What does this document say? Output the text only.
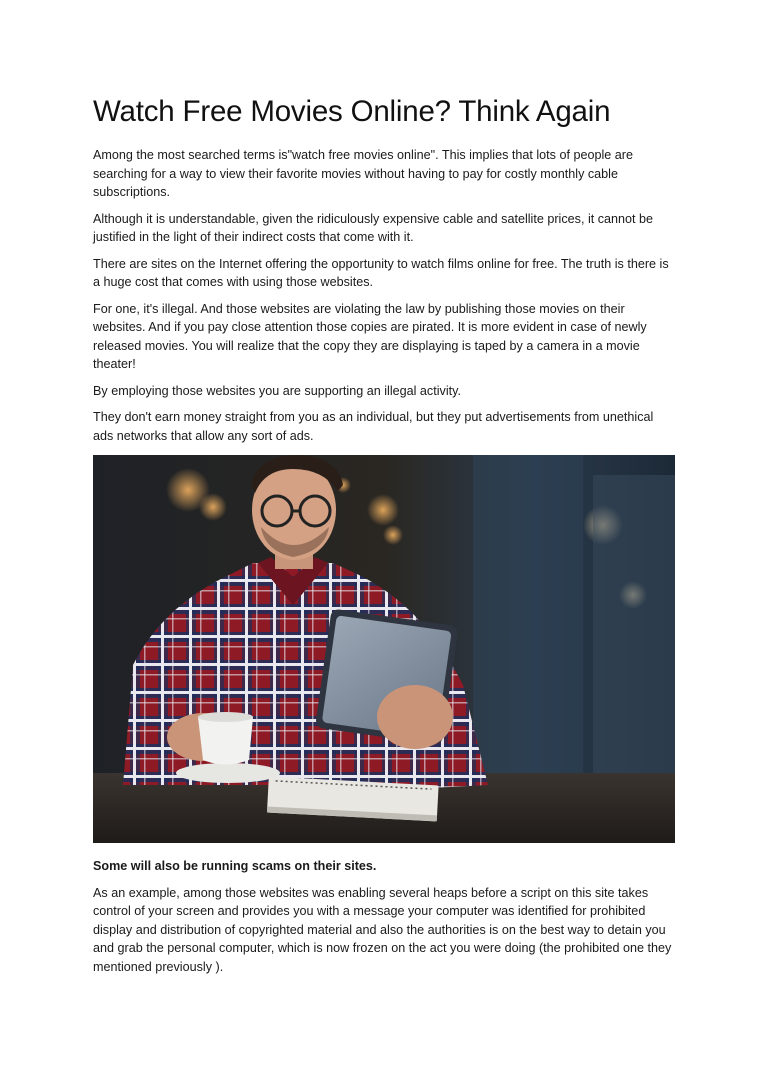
Watch Free Movies Online? Think Again

Among the most searched terms is"watch free movies online". This implies that lots of people are searching for a way to view their favorite movies without having to pay for costly monthly cable subscriptions.

Although it is understandable, given the ridiculously expensive cable and satellite prices, it cannot be justified in the light of their indirect costs that come with it.

There are sites on the Internet offering the opportunity to watch films online for free. The truth is there is a huge cost that comes with using those websites.

For one, it's illegal. And those websites are violating the law by publishing those movies on their websites. And if you pay close attention those copies are pirated. It is more evident in case of newly released movies. You will realize that the copy they are displaying is taped by a camera in a movie theater!

By employing those websites you are supporting an illegal activity.

They don't earn money straight from you as an individual, but they put advertisements from unethical ads networks that allow any sort of ads.

Some will also be running scams on their sites.

As an example, among those websites was enabling several heaps before a script on this site takes control of your screen and provides you with a message your computer was identified for prohibited display and distribution of copyrighted material and also the authorities is on the best way to detain you and grab the personal computer, which is now frozen on the act you were doing (the prohibited one they mentioned previously ).
